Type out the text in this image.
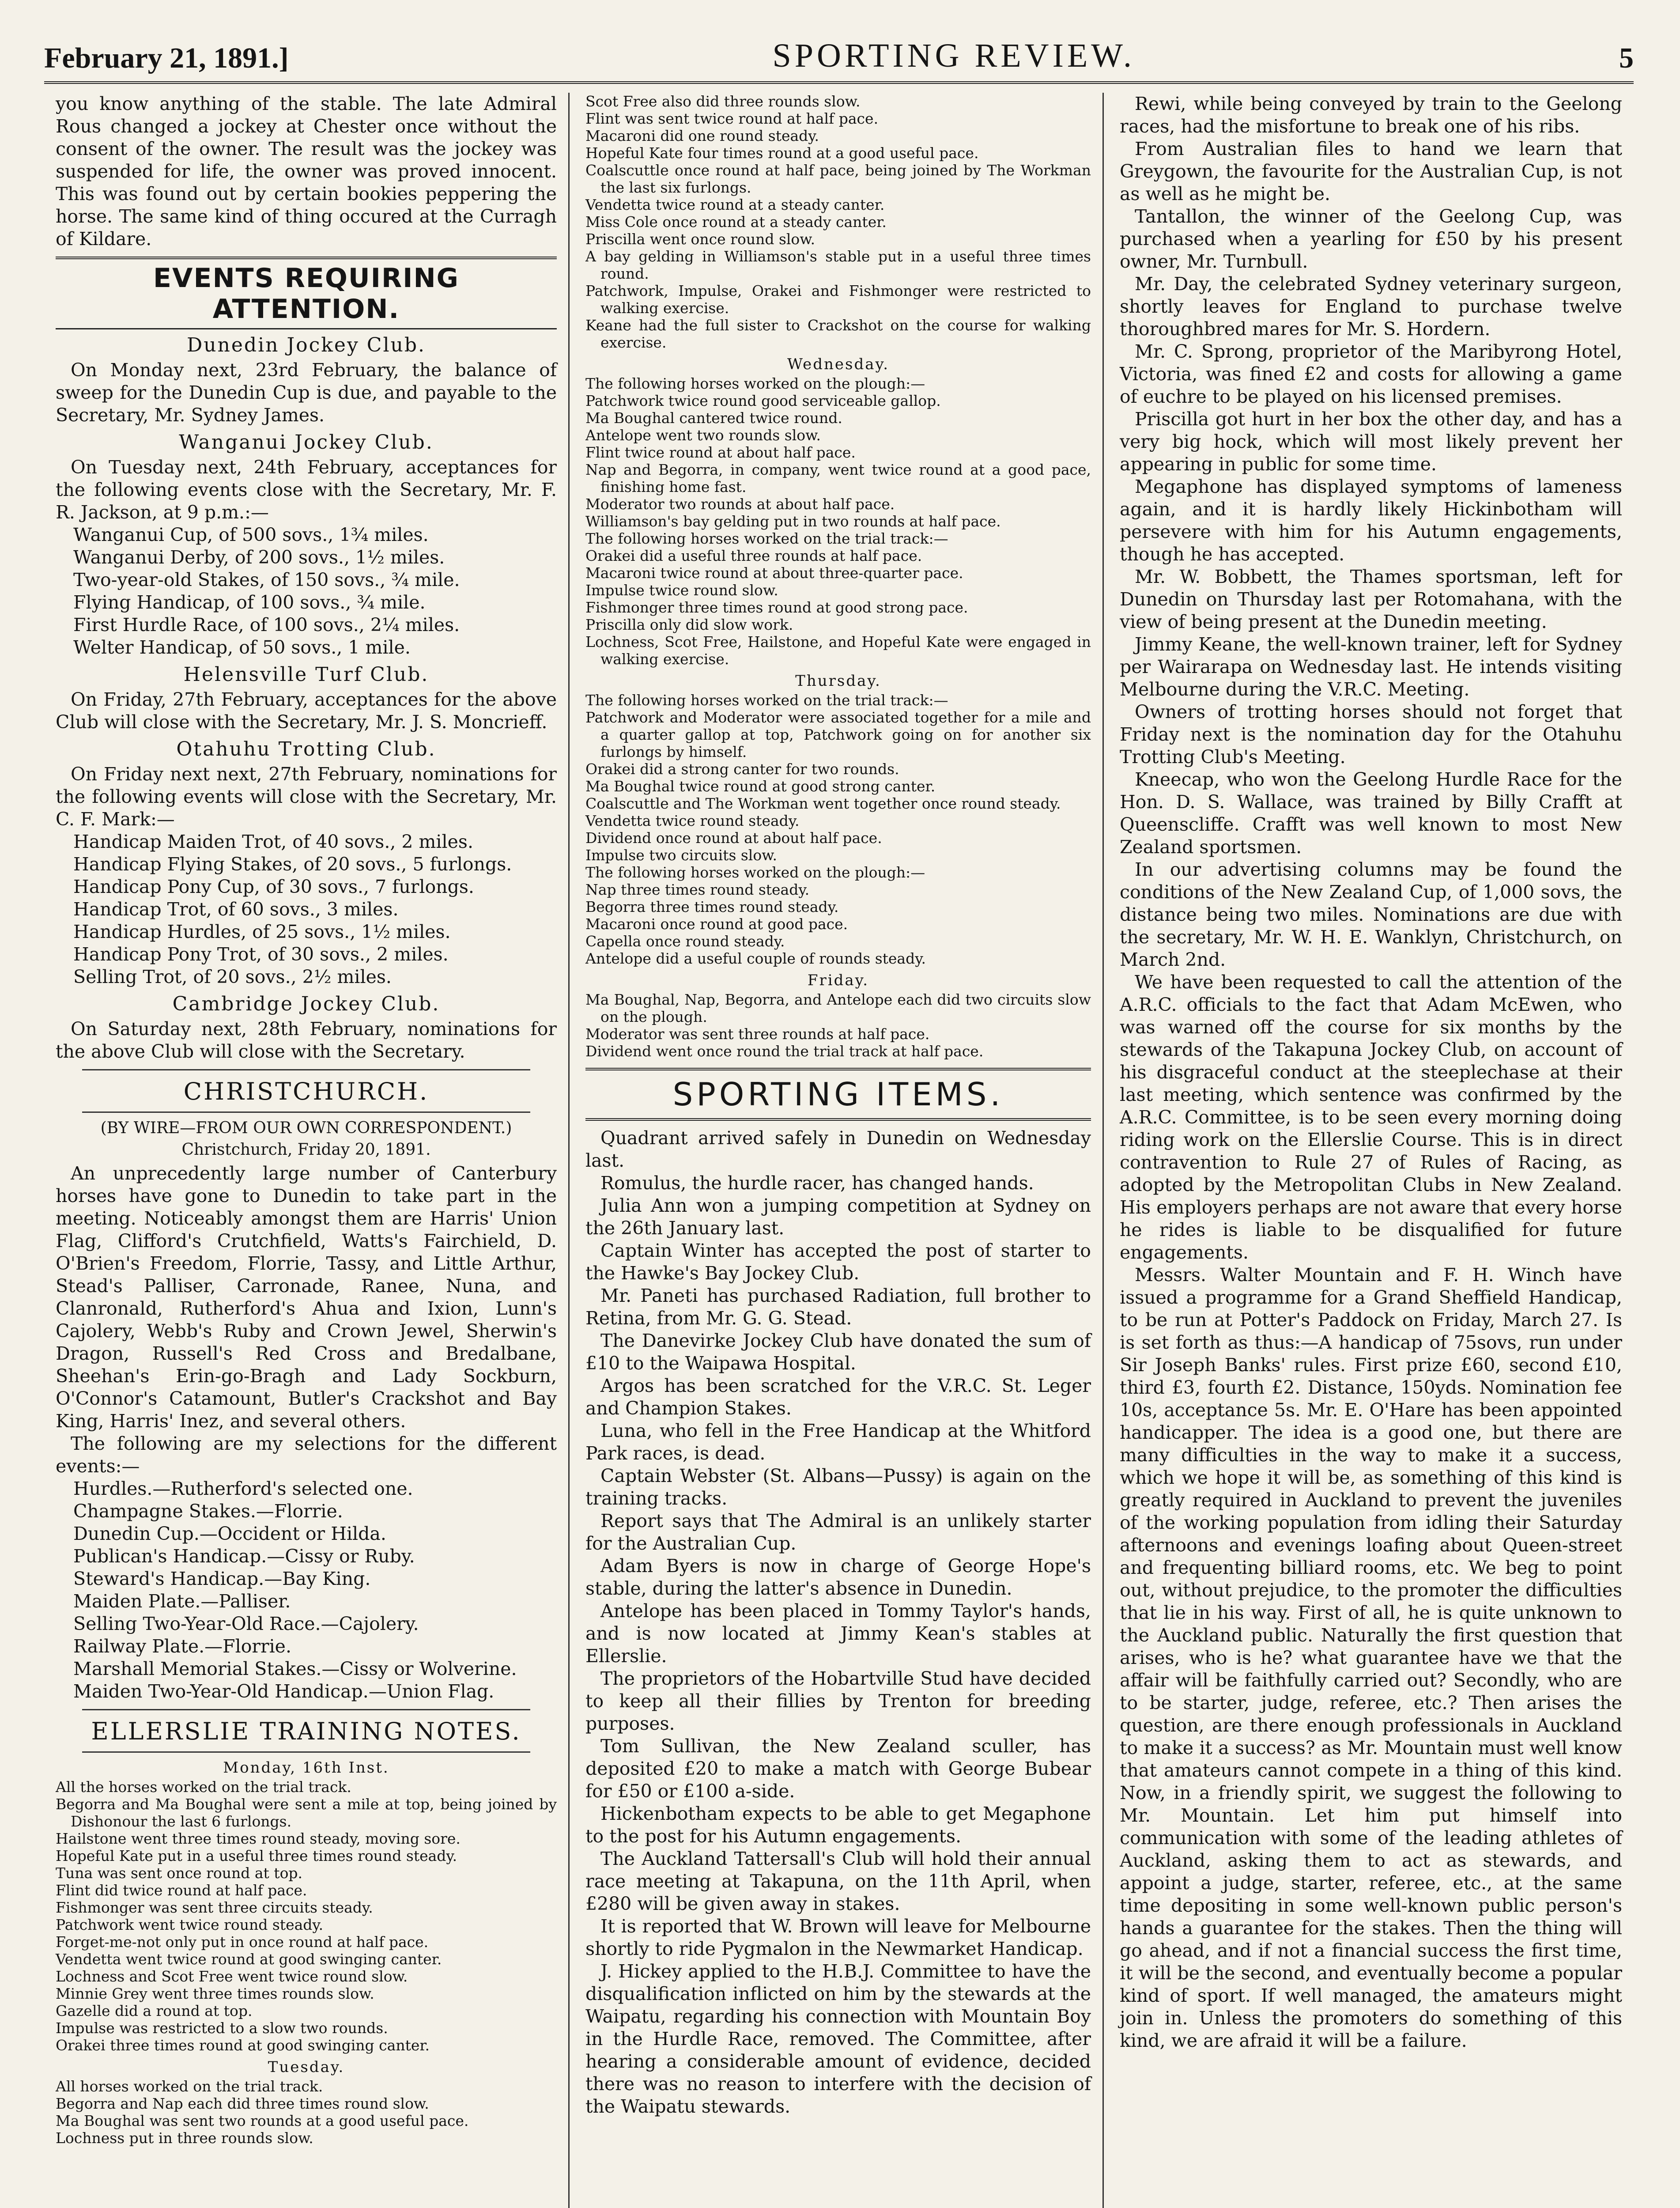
February 21, 1891.]	SPORTING REVIEW.	5

you know anything of the stable. The late Admiral Rous changed a jockey at Chester once without the consent of the owner. The result was the jockey was suspended for life, the owner was proved innocent. This was found out by certain bookies peppering the horse. The same kind of thing occured at the Curragh of Kildare.

EVENTS REQUIRING ATTENTION.
Dunedin Jockey Club.

On Monday next, 23rd February, the balance of sweep for the Dunedin Cup is due, and payable to the Secretary, Mr. Sydney James.

Wanganui Jockey Club.

On Tuesday next, 24th February, acceptances for the following events close with the Secretary, Mr. F. R. Jackson, at 9 p.m.:—

Wanganui Cup, of 500 sovs., 1¾ miles.

Wanganui Derby, of 200 sovs., 1½ miles.

Two-year-old Stakes, of 150 sovs., ¾ mile.

Flying Handicap, of 100 sovs., ¾ mile.

First Hurdle Race, of 100 sovs., 2¼ miles.

Welter Handicap, of 50 sovs., 1 mile.

Helensville Turf Club.

On Friday, 27th February, acceptances for the above Club will close with the Secretary, Mr. J. S. Moncrieff.

Otahuhu Trotting Club.

On Friday next next, 27th February, nominations for the following events will close with the Secretary, Mr. C. F. Mark:—

Handicap Maiden Trot, of 40 sovs., 2 miles.

Handicap Flying Stakes, of 20 sovs., 5 furlongs.

Handicap Pony Cup, of 30 sovs., 7 furlongs.

Handicap Trot, of 60 sovs., 3 miles.

Handicap Hurdles, of 25 sovs., 1½ miles.

Handicap Pony Trot, of 30 sovs., 2 miles.

Selling Trot, of 20 sovs., 2½ miles.

Cambridge Jockey Club.

On Saturday next, 28th February, nominations for the above Club will close with the Secretary.

CHRISTCHURCH.
(BY WIRE—FROM OUR OWN CORRESPONDENT.)
Christchurch, Friday 20, 1891.

An unprecedently large number of Canterbury horses have gone to Dunedin to take part in the meeting. Noticeably amongst them are Harris' Union Flag, Clifford's Crutchfield, Watts's Fairchield, D. O'Brien's Freedom, Florrie, Tassy, and Little Arthur, Stead's Palliser, Carronade, Ranee, Nuna, and Clanronald, Rutherford's Ahua and Ixion, Lunn's Cajolery, Webb's Ruby and Crown Jewel, Sherwin's Dragon, Russell's Red Cross and Bredalbane, Sheehan's Erin-go-Bragh and Lady Sockburn, O'Connor's Catamount, Butler's Crackshot and Bay King, Harris' Inez, and several others.

The following are my selections for the different events:—

Hurdles.—Rutherford's selected one.

Champagne Stakes.—Florrie.

Dunedin Cup.—Occident or Hilda.

Publican's Handicap.—Cissy or Ruby.

Steward's Handicap.—Bay King.

Maiden Plate.—Palliser.

Selling Two-Year-Old Race.—Cajolery.

Railway Plate.—Florrie.

Marshall Memorial Stakes.—Cissy or Wolverine.

Maiden Two-Year-Old Handicap.—Union Flag.

ELLERSLIE TRAINING NOTES.
Monday, 16th Inst.

All the horses worked on the trial track.

Begorra and Ma Boughal were sent a mile at top, being joined by Dishonour the last 6 furlongs.

Hailstone went three times round steady, moving sore.

Hopeful Kate put in a useful three times round steady.

Tuna was sent once round at top.

Flint did twice round at half pace.

Fishmonger was sent three circuits steady.

Patchwork went twice round steady.

Forget-me-not only put in once round at half pace.

Vendetta went twice round at good swinging canter.

Lochness and Scot Free went twice round slow.

Minnie Grey went three times rounds slow.

Gazelle did a round at top.

Impulse was restricted to a slow two rounds.

Orakei three times round at good swinging canter.

Tuesday.

All horses worked on the trial track.

Begorra and Nap each did three times round slow.

Ma Boughal was sent two rounds at a good useful pace.

Lochness put in three rounds slow.

Scot Free also did three rounds slow.

Flint was sent twice round at half pace.

Macaroni did one round steady.

Hopeful Kate four times round at a good useful pace.

Coalscuttle once round at half pace, being joined by The Workman the last six furlongs.

Vendetta twice round at a steady canter.

Miss Cole once round at a steady canter.

Priscilla went once round slow.

A bay gelding in Williamson's stable put in a useful three times round.

Patchwork, Impulse, Orakei and Fishmonger were restricted to walking exercise.

Keane had the full sister to Crackshot on the course for walking exercise.

Wednesday.

The following horses worked on the plough:—

Patchwork twice round good serviceable gallop.

Ma Boughal cantered twice round.

Antelope went two rounds slow.

Flint twice round at about half pace.

Nap and Begorra, in company, went twice round at a good pace, finishing home fast.

Moderator two rounds at about half pace.

Williamson's bay gelding put in two rounds at half pace.

The following horses worked on the trial track:—

Orakei did a useful three rounds at half pace.

Macaroni twice round at about three-quarter pace.

Impulse twice round slow.

Fishmonger three times round at good strong pace.

Priscilla only did slow work.

Lochness, Scot Free, Hailstone, and Hopeful Kate were engaged in walking exercise.

Thursday.

The following horses worked on the trial track:—

Patchwork and Moderator were associated together for a mile and a quarter gallop at top, Patchwork going on for another six furlongs by himself.

Orakei did a strong canter for two rounds.

Ma Boughal twice round at good strong canter.

Coalscuttle and The Workman went together once round steady.

Vendetta twice round steady.

Dividend once round at about half pace.

Impulse two circuits slow.

The following horses worked on the plough:—

Nap three times round steady.

Begorra three times round steady.

Macaroni once round at good pace.

Capella once round steady.

Antelope did a useful couple of rounds steady.

Friday.

Ma Boughal, Nap, Begorra, and Antelope each did two circuits slow on the plough.

Moderator was sent three rounds at half pace.

Dividend went once round the trial track at half pace.

SPORTING ITEMS.

Quadrant arrived safely in Dunedin on Wednesday last.

Romulus, the hurdle racer, has changed hands.

Julia Ann won a jumping competition at Sydney on the 26th January last.

Captain Winter has accepted the post of starter to the Hawke's Bay Jockey Club.

Mr. Paneti has purchased Radiation, full brother to Retina, from Mr. G. G. Stead.

The Danevirke Jockey Club have donated the sum of £10 to the Waipawa Hospital.

Argos has been scratched for the V.R.C. St. Leger and Champion Stakes.

Luna, who fell in the Free Handicap at the Whitford Park races, is dead.

Captain Webster (St. Albans—Pussy) is again on the training tracks.

Report says that The Admiral is an unlikely starter for the Australian Cup.

Adam Byers is now in charge of George Hope's stable, during the latter's absence in Dunedin.

Antelope has been placed in Tommy Taylor's hands, and is now located at Jimmy Kean's stables at Ellerslie.

The proprietors of the Hobartville Stud have decided to keep all their fillies by Trenton for breeding purposes.

Tom Sullivan, the New Zealand sculler, has deposited £20 to make a match with George Bubear for £50 or £100 a-side.

Hickenbotham expects to be able to get Megaphone to the post for his Autumn engagements.

The Auckland Tattersall's Club will hold their annual race meeting at Takapuna, on the 11th April, when £280 will be given away in stakes.

It is reported that W. Brown will leave for Melbourne shortly to ride Pygmalon in the Newmarket Handicap.

J. Hickey applied to the H.B.J. Committee to have the disqualification inflicted on him by the stewards at the Waipatu, regarding his connection with Mountain Boy in the Hurdle Race, removed. The Committee, after hearing a considerable amount of evidence, decided there was no reason to interfere with the decision of the Waipatu stewards.

Rewi, while being conveyed by train to the Geelong races, had the misfortune to break one of his ribs.

From Australian files to hand we learn that Greygown, the favourite for the Australian Cup, is not as well as he might be.

Tantallon, the winner of the Geelong Cup, was purchased when a yearling for £50 by his present owner, Mr. Turnbull.

Mr. Day, the celebrated Sydney veterinary surgeon, shortly leaves for England to purchase twelve thoroughbred mares for Mr. S. Hordern.

Mr. C. Sprong, proprietor of the Maribyrong Hotel, Victoria, was fined £2 and costs for allowing a game of euchre to be played on his licensed premises.

Priscilla got hurt in her box the other day, and has a very big hock, which will most likely prevent her appearing in public for some time.

Megaphone has displayed symptoms of lameness again, and it is hardly likely Hickinbotham will persevere with him for his Autumn engagements, though he has accepted.

Mr. W. Bobbett, the Thames sportsman, left for Dunedin on Thursday last per Rotomahana, with the view of being present at the Dunedin meeting.

Jimmy Keane, the well-known trainer, left for Sydney per Wairarapa on Wednesday last. He intends visiting Melbourne during the V.R.C. Meeting.

Owners of trotting horses should not forget that Friday next is the nomination day for the Otahuhu Trotting Club's Meeting.

Kneecap, who won the Geelong Hurdle Race for the Hon. D. S. Wallace, was trained by Billy Crafft at Queenscliffe. Crafft was well known to most New Zealand sportsmen.

In our advertising columns may be found the conditions of the New Zealand Cup, of 1,000 sovs, the distance being two miles. Nominations are due with the secretary, Mr. W. H. E. Wanklyn, Christchurch, on March 2nd.

We have been requested to call the attention of the A.R.C. officials to the fact that Adam McEwen, who was warned off the course for six months by the stewards of the Takapuna Jockey Club, on account of his disgraceful conduct at the steeplechase at their last meeting, which sentence was confirmed by the A.R.C. Committee, is to be seen every morning doing riding work on the Ellerslie Course. This is in direct contravention to Rule 27 of Rules of Racing, as adopted by the Metropolitan Clubs in New Zealand. His employers perhaps are not aware that every horse he rides is liable to be disqualified for future engagements.

Messrs. Walter Mountain and F. H. Winch have issued a programme for a Grand Sheffield Handicap, to be run at Potter's Paddock on Friday, March 27. Is is set forth as thus:—A handicap of 75sovs, run under Sir Joseph Banks' rules. First prize £60, second £10, third £3, fourth £2. Distance, 150yds. Nomination fee 10s, acceptance 5s. Mr. E. O'Hare has been appointed handicapper. The idea is a good one, but there are many difficulties in the way to make it a success, which we hope it will be, as something of this kind is greatly required in Auckland to prevent the juveniles of the working population from idling their Saturday afternoons and evenings loafing about Queen-street and frequenting billiard rooms, etc. We beg to point out, without prejudice, to the promoter the difficulties that lie in his way. First of all, he is quite unknown to the Auckland public. Naturally the first question that arises, who is he? what guarantee have we that the affair will be faithfully carried out? Secondly, who are to be starter, judge, referee, etc.? Then arises the question, are there enough professionals in Auckland to make it a success? as Mr. Mountain must well know that amateurs cannot compete in a thing of this kind. Now, in a friendly spirit, we suggest the following to Mr. Mountain. Let him put himself into communication with some of the leading athletes of Auckland, asking them to act as stewards, and appoint a judge, starter, referee, etc., at the same time depositing in some well-known public person's hands a guarantee for the stakes. Then the thing will go ahead, and if not a financial success the first time, it will be the second, and eventually become a popular kind of sport. If well managed, the amateurs might join in. Unless the promoters do something of this kind, we are afraid it will be a failure.
